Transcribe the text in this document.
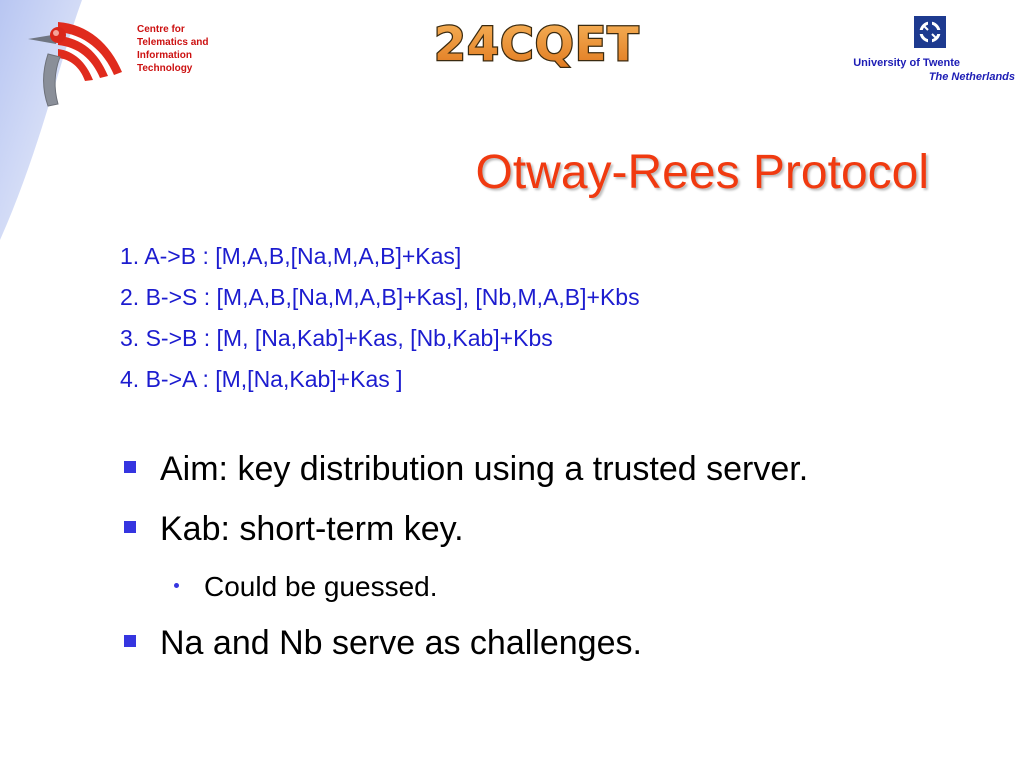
Centre for
Telematics and
Information
Technology	24CQET	University of Twente
The Netherlands
Otway-Rees Protocol
1. A->B : [M,A,B,[Na,M,A,B]+Kas]
2. B->S : [M,A,B,[Na,M,A,B]+Kas], [Nb,M,A,B]+Kbs
3. S->B : [M, [Na,Kab]+Kas, [Nb,Kab]+Kbs
4. B->A : [M,[Na,Kab]+Kas ]
Aim: key distribution using a trusted server.
Kab: short-term key.
Could be guessed.
Na and Nb serve as challenges.
